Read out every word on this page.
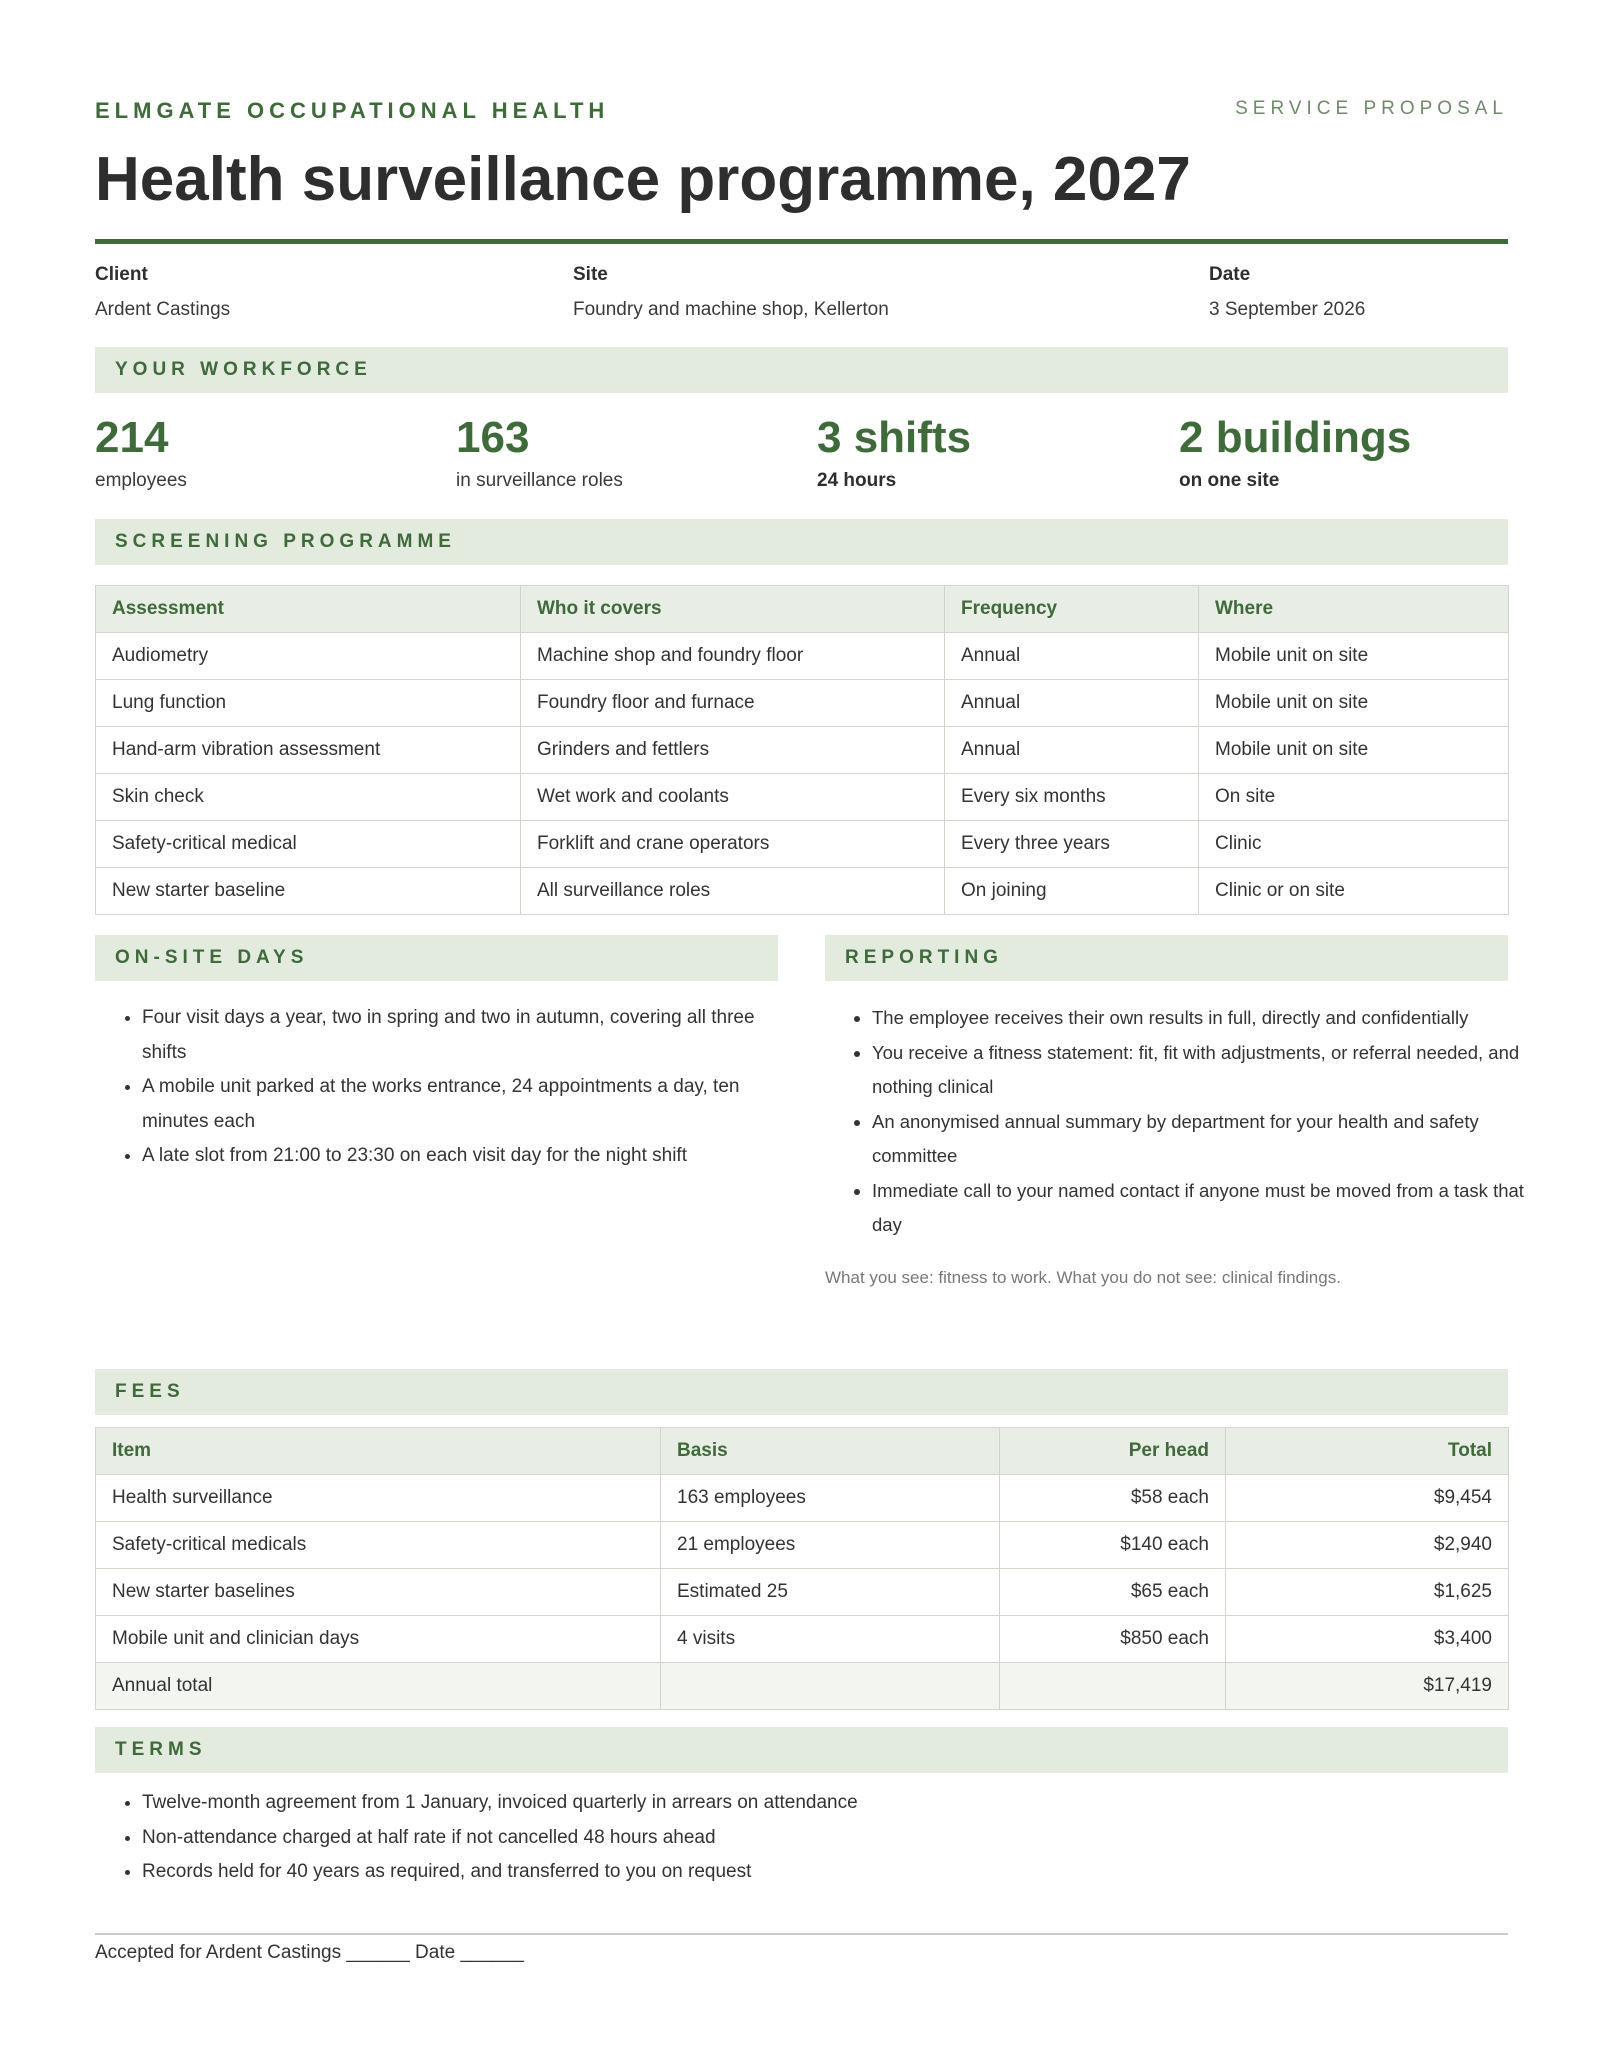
ELMGATE OCCUPATIONAL HEALTH	SERVICE PROPOSAL
Health surveillance programme, 2027
Client
Ardent Castings
Site
Foundry and machine shop, Kellerton
Date
3 September 2026
YOUR WORKFORCE
214
employees
163
in surveillance roles
3 shifts
24 hours
2 buildings
on one site
SCREENING PROGRAMME
Assessment	Who it covers	Frequency	Where
Audiometry	Machine shop and foundry floor	Annual	Mobile unit on site
Lung function	Foundry floor and furnace	Annual	Mobile unit on site
Hand-arm vibration assessment	Grinders and fettlers	Annual	Mobile unit on site
Skin check	Wet work and coolants	Every six months	On site
Safety-critical medical	Forklift and crane operators	Every three years	Clinic
New starter baseline	All surveillance roles	On joining	Clinic or on site
ON-SITE DAYS	REPORTING
• Four visit days a year, two in spring and two in autumn, covering all three shifts
• A mobile unit parked at the works entrance, 24 appointments a day, ten minutes each
• A late slot from 21:00 to 23:30 on each visit day for the night shift
• The employee receives their own results in full, directly and confidentially
• You receive a fitness statement: fit, fit with adjustments, or referral needed, and nothing clinical
• An anonymised annual summary by department for your health and safety committee
• Immediate call to your named contact if anyone must be moved from a task that day
What you see: fitness to work. What you do not see: clinical findings.
FEES
Item	Basis	Per head	Total
Health surveillance	163 employees	$58 each	$9,454
Safety-critical medicals	21 employees	$140 each	$2,940
New starter baselines	Estimated 25	$65 each	$1,625
Mobile unit and clinician days	4 visits	$850 each	$3,400
Annual total			$17,419
TERMS
• Twelve-month agreement from 1 January, invoiced quarterly in arrears on attendance
• Non-attendance charged at half rate if not cancelled 48 hours ahead
• Records held for 40 years as required, and transferred to you on request
Accepted for Ardent Castings ______ Date ______
